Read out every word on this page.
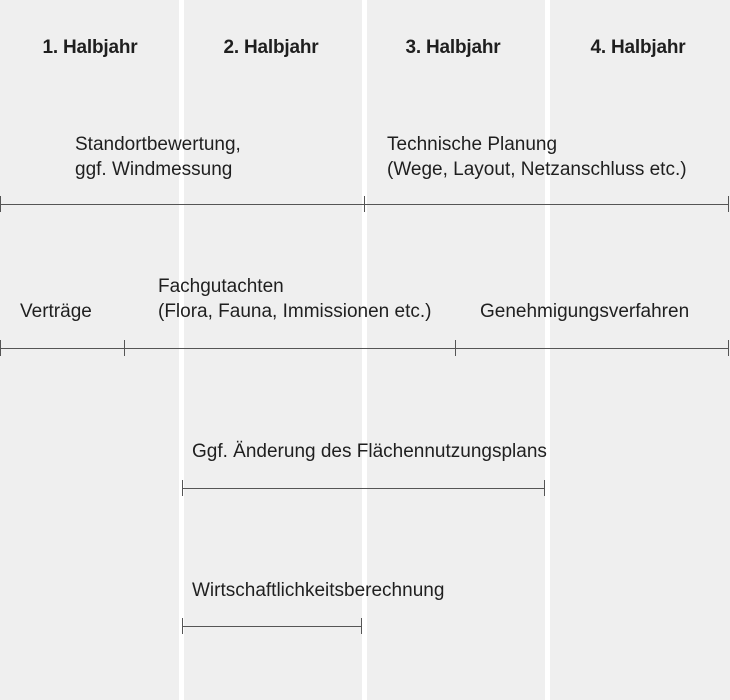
1. Halbjahr	2. Halbjahr	3. Halbjahr	4. Halbjahr
Standortbewertung,
ggf. Windmessung
Technische Planung
(Wege, Layout, Netzanschluss etc.)
Verträge
Fachgutachten
(Flora, Fauna, Immissionen etc.)	Genehmigungsverfahren
Ggf. Änderung des Flächennutzungsplans
Wirtschaftlichkeitsberechnung
